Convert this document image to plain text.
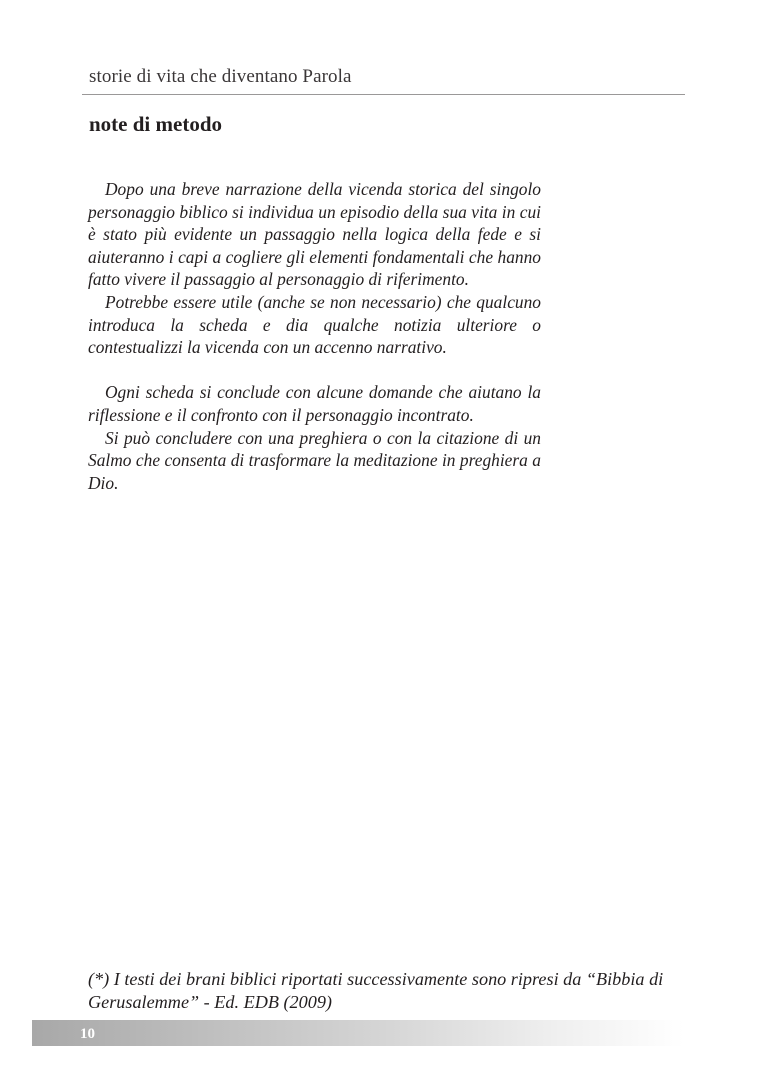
storie di vita che diventano Parola
note di metodo

Dopo una breve narrazione della vicenda storica del singolo personaggio biblico si individua un episodio della sua vita in cui è stato più evidente un passaggio nella logica della fede e si aiuteranno i capi a cogliere gli elementi fondamentali che hanno fatto vivere il passaggio al personaggio di riferimento.

Potrebbe essere utile (anche se non necessario) che qualcuno introduca la scheda e dia qualche notizia ulteriore o contestualizzi la vicenda con un accenno narrativo.

Ogni scheda si conclude con alcune domande che aiutano la riflessione e il confronto con il personaggio incontrato.

Si può concludere con una preghiera o con la citazione di un Salmo che consenta di trasformare la meditazione in preghiera a Dio.

(*) I testi dei brani biblici riportati successivamente sono ripresi da “Bibbia di Gerusalemme” - Ed. EDB (2009)
10
